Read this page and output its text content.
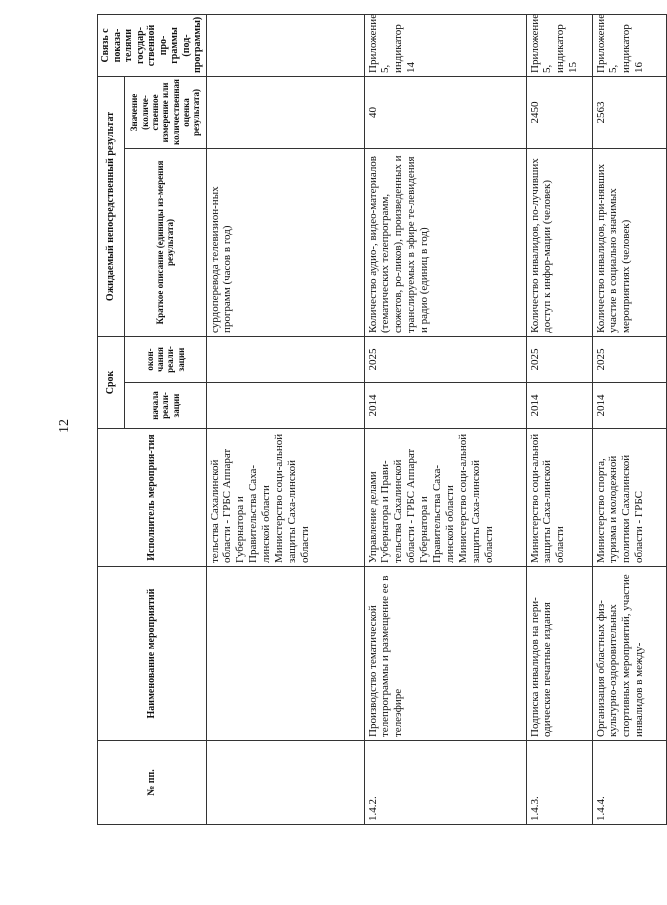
12
№ пп.	Наименование мероприятий	Исполнитель мероприя-тия	Срок		Ожидаемый непосредственный результат		Связь с показа-телями государ-ственной про-граммы (под-программы)
			начала реали-зации	окон-чания реали-зации	Краткое описание (единицы из-мерения результата)	Значение (количе-ственное измерение или количественная оценка результата)	
		тельства Сахалинской области - ГРБС Аппарат Губернатора и Правительства Саха-линской области Министерство соци-альной защиты Саха-линской области			сурдоперевода телевизион-ных программ (часов в год)		
1.4.2.	Производство тематической телепрограммы и размещение ее в телеэфире	Управление делами Губернатора и Прави-тельства Сахалинской области - ГРБС Аппарат Губернатора и Правительства Саха-линской области Министерство соци-альной защиты Саха-линской области	2014	2025	Количество аудио-, видео-материалов (тематических телепрограмм, сюжетов, ро-ликов), произведенных и транслируемых в эфире те-левидения и радио (единиц в год)	40	Приложение 5, индикатор 14
1.4.3.	Подписка инвалидов на пери-одические печатные издания	Министерство соци-альной защиты Саха-линской области	2014	2025	Количество инвалидов, по-лучивших доступ к инфор-мации (человек)	2450	Приложение 5, индикатор 15
1.4.4.	Организация областных физ-культурно-оздоровительных спортивных мероприятий, участие инвалидов в между-	Министерство спорта, туризма и молодежной политики Сахалинской области - ГРБС	2014	2025	Количество инвалидов, при-нявших участие в социально значимых мероприятиях (человек)	2563	Приложение 5, индикатор 16
